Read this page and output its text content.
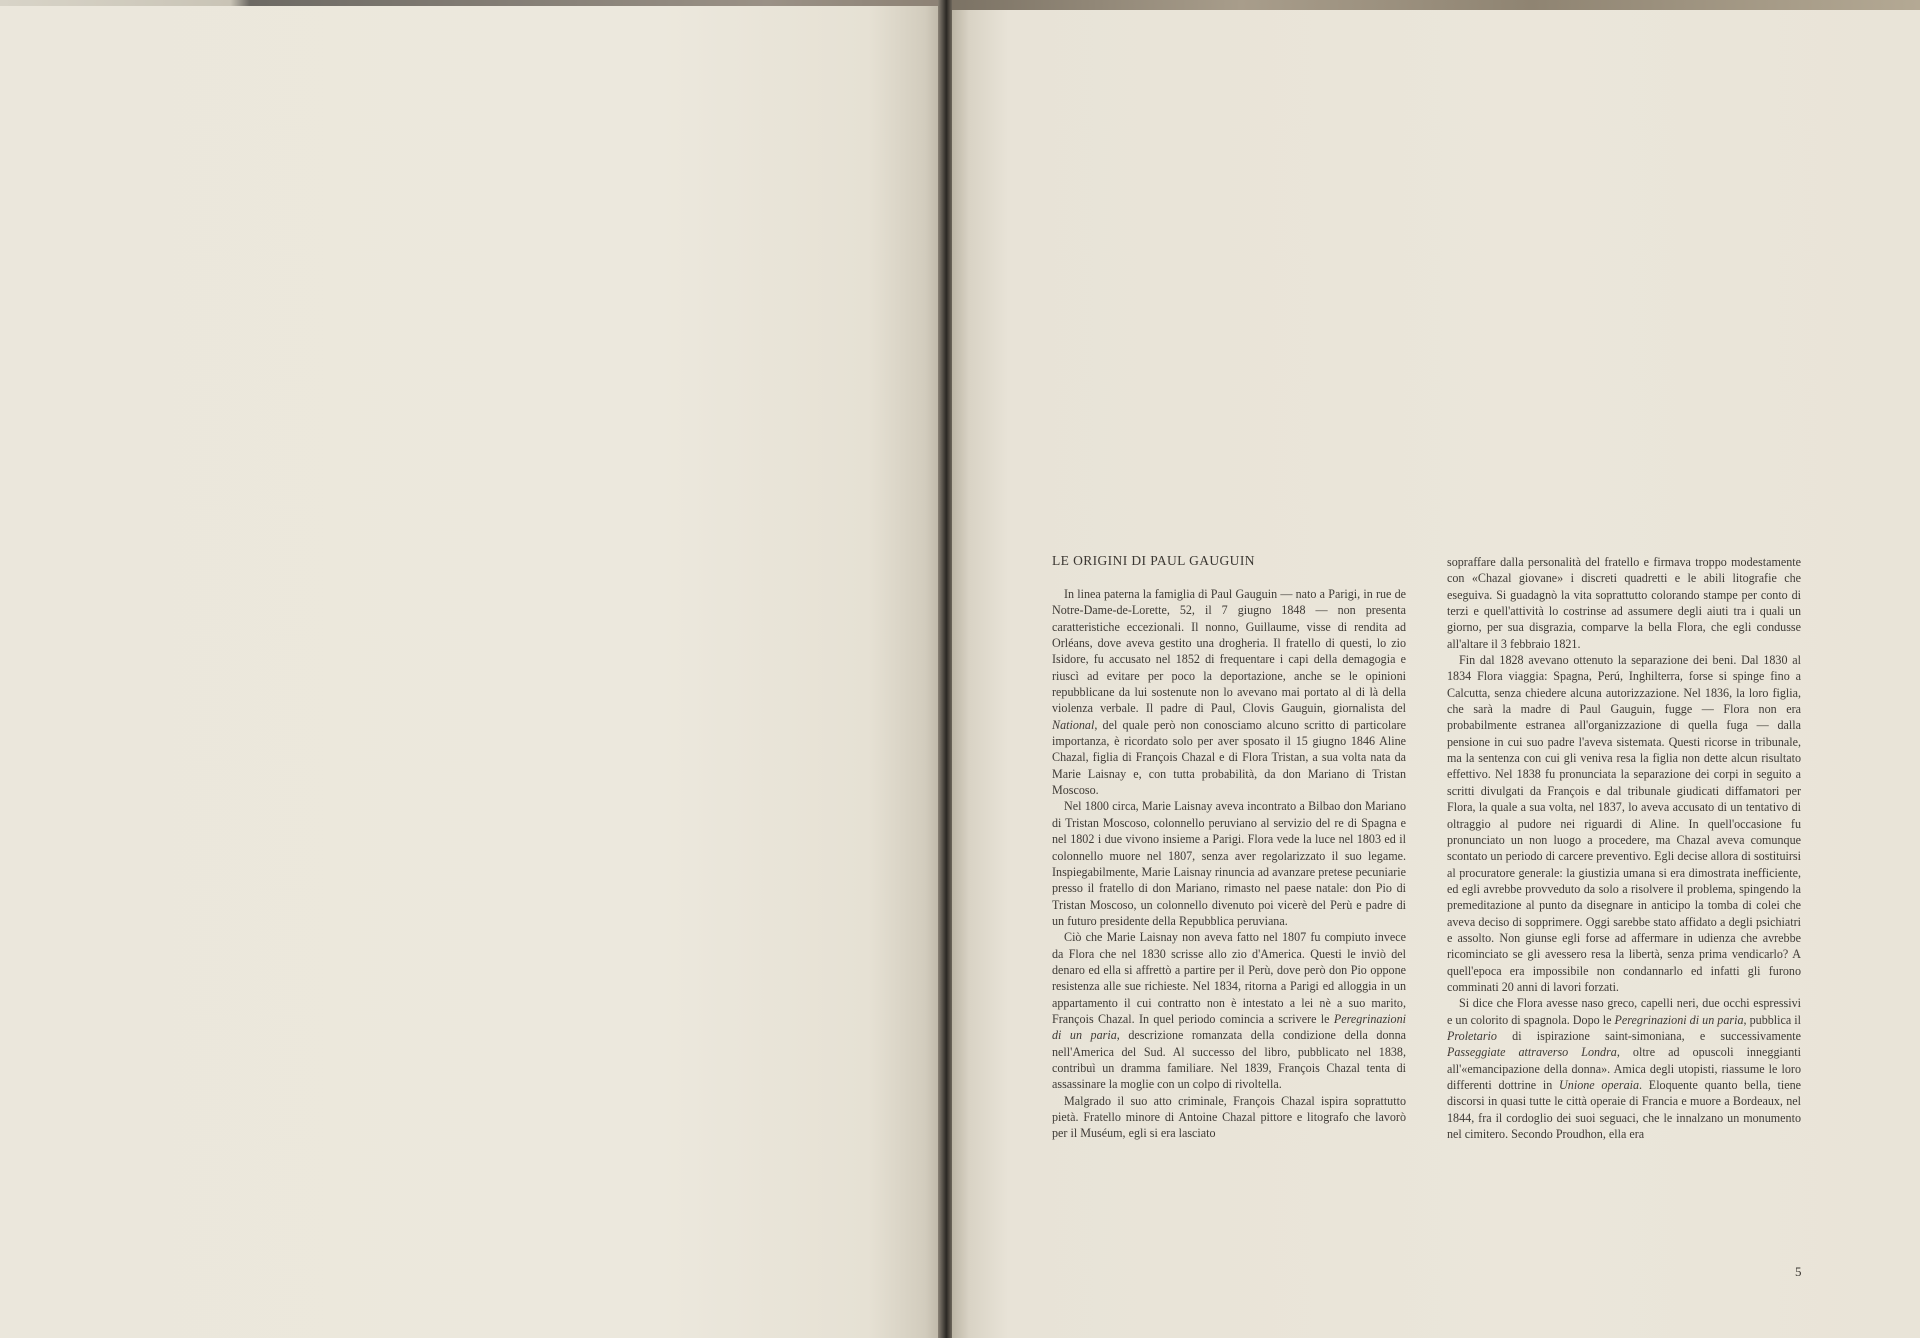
LE ORIGINI DI PAUL GAUGUIN

In linea paterna la famiglia di Paul Gauguin — nato a Parigi, in rue de Notre-Dame-de-Lorette, 52, il 7 giugno 1848 — non presenta caratteristiche eccezionali. Il nonno, Guillaume, visse di rendita ad Orléans, dove aveva gestito una drogheria. Il fratello di questi, lo zio Isidore, fu accusato nel 1852 di frequentare i capi della demagogia e riuscì ad evitare per poco la deportazione, anche se le opinioni repubblicane da lui sostenute non lo avevano mai portato al di là della violenza verbale. Il padre di Paul, Clovis Gauguin, giornalista del National, del quale però non conosciamo alcuno scritto di particolare importanza, è ricordato solo per aver sposato il 15 giugno 1846 Aline Chazal, figlia di François Chazal e di Flora Tristan, a sua volta nata da Marie Laisnay e, con tutta probabilità, da don Mariano di Tristan Moscoso.

Nel 1800 circa, Marie Laisnay aveva incontrato a Bilbao don Mariano di Tristan Moscoso, colonnello peruviano al servizio del re di Spagna e nel 1802 i due vivono insieme a Parigi. Flora vede la luce nel 1803 ed il colonnello muore nel 1807, senza aver regolarizzato il suo legame. Inspiegabilmente, Marie Laisnay rinuncia ad avanzare pretese pecuniarie presso il fratello di don Mariano, rimasto nel paese natale: don Pio di Tristan Moscoso, un colonnello divenuto poi vicerè del Perù e padre di un futuro presidente della Repubblica peruviana.

Ciò che Marie Laisnay non aveva fatto nel 1807 fu compiuto invece da Flora che nel 1830 scrisse allo zio d'America. Questi le inviò del denaro ed ella si affrettò a partire per il Perù, dove però don Pio oppone resistenza alle sue richieste. Nel 1834, ritorna a Parigi ed alloggia in un appartamento il cui contratto non è intestato a lei nè a suo marito, François Chazal. In quel periodo comincia a scrivere le Peregrinazioni di un paria, descrizione romanzata della condizione della donna nell'America del Sud. Al successo del libro, pubblicato nel 1838, contribuì un dramma familiare. Nel 1839, François Chazal tenta di assassinare la moglie con un colpo di rivoltella.

Malgrado il suo atto criminale, François Chazal ispira soprattutto pietà. Fratello minore di Antoine Chazal pittore e litografo che lavorò per il Muséum, egli si era lasciato

sopraffare dalla personalità del fratello e firmava troppo modestamente con «Chazal giovane» i discreti quadretti e le abili litografie che eseguiva. Si guadagnò la vita soprattutto colorando stampe per conto di terzi e quell'attività lo costrinse ad assumere degli aiuti tra i quali un giorno, per sua disgrazia, comparve la bella Flora, che egli condusse all'altare il 3 febbraio 1821.

Fin dal 1828 avevano ottenuto la separazione dei beni. Dal 1830 al 1834 Flora viaggia: Spagna, Perú, Inghilterra, forse si spinge fino a Calcutta, senza chiedere alcuna autorizzazione. Nel 1836, la loro figlia, che sarà la madre di Paul Gauguin, fugge — Flora non era probabilmente estranea all'organizzazione di quella fuga — dalla pensione in cui suo padre l'aveva sistemata. Questi ricorse in tribunale, ma la sentenza con cui gli veniva resa la figlia non dette alcun risultato effettivo. Nel 1838 fu pronunciata la separazione dei corpi in seguito a scritti divulgati da François e dal tribunale giudicati diffamatori per Flora, la quale a sua volta, nel 1837, lo aveva accusato di un tentativo di oltraggio al pudore nei riguardi di Aline. In quell'occasione fu pronunciato un non luogo a procedere, ma Chazal aveva comunque scontato un periodo di carcere preventivo. Egli decise allora di sostituirsi al procuratore generale: la giustizia umana si era dimostrata inefficiente, ed egli avrebbe provveduto da solo a risolvere il problema, spingendo la premeditazione al punto da disegnare in anticipo la tomba di colei che aveva deciso di sopprimere. Oggi sarebbe stato affidato a degli psichiatri e assolto. Non giunse egli forse ad affermare in udienza che avrebbe ricominciato se gli avessero resa la libertà, senza prima vendicarlo? A quell'epoca era impossibile non condannarlo ed infatti gli furono comminati 20 anni di lavori forzati.

Si dice che Flora avesse naso greco, capelli neri, due occhi espressivi e un colorito di spagnola. Dopo le Peregrinazioni di un paria, pubblica il Proletario di ispirazione saint-simoniana, e successivamente Passeggiate attraverso Londra, oltre ad opuscoli inneggianti all'«emancipazione della donna». Amica degli utopisti, riassume le loro differenti dottrine in Unione operaia. Eloquente quanto bella, tiene discorsi in quasi tutte le città operaie di Francia e muore a Bordeaux, nel 1844, fra il cordoglio dei suoi seguaci, che le innalzano un monumento nel cimitero. Secondo Proudhon, ella era

5
